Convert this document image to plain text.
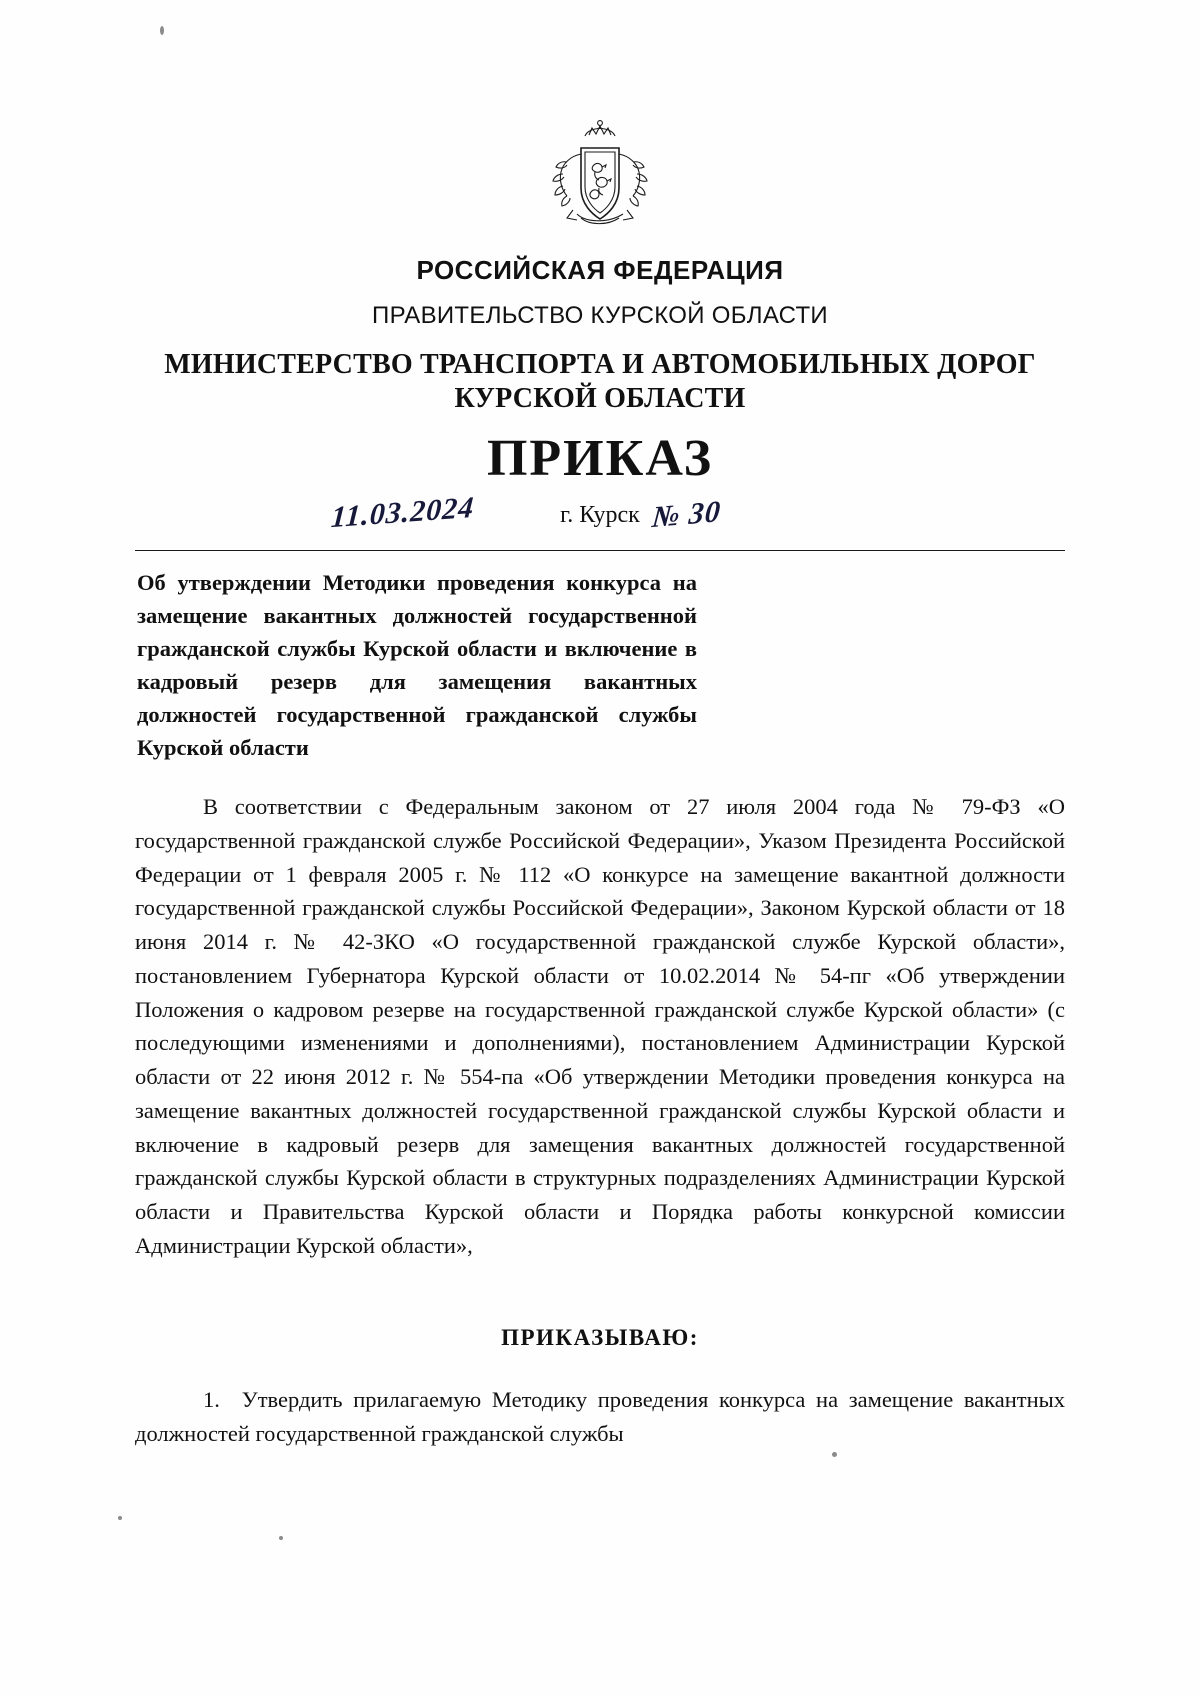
РОССИЙСКАЯ ФЕДЕРАЦИЯ
ПРАВИТЕЛЬСТВО КУРСКОЙ ОБЛАСТИ
МИНИСТЕРСТВО ТРАНСПОРТА И АВТОМОБИЛЬНЫХ ДОРОГ КУРСКОЙ ОБЛАСТИ
ПРИКАЗ
г. Курск
11.03.2024	№ 30
Об утверждении Методики проведения конкурса на замещение вакантных должностей государственной гражданской службы Курской области и включение в кадровый резерв для замещения вакантных должностей государственной гражданской службы Курской области

В соответствии с Федеральным законом от 27 июля 2004 года № 79-ФЗ «О государственной гражданской службе Российской Федерации», Указом Президента Российской Федерации от 1 февраля 2005 г. № 112 «О конкурсе на замещение вакантной должности государственной гражданской службы Российской Федерации», Законом Курской области от 18 июня 2014 г. № 42-ЗКО «О государственной гражданской службе Курской области», постановлением Губернатора Курской области от 10.02.2014 № 54-пг «Об утверждении Положения о кадровом резерве на государственной гражданской службе Курской области» (с последующими изменениями и дополнениями), постановлением Администрации Курской области от 22 июня 2012 г. № 554-па «Об утверждении Методики проведения конкурса на замещение вакантных должностей государственной гражданской службы Курской области и включение в кадровый резерв для замещения вакантных должностей государственной гражданской службы Курской области в структурных подразделениях Администрации Курской области и Правительства Курской области и Порядка работы конкурсной комиссии Администрации Курской области»,

ПРИКАЗЫВАЮ:

1.  Утвердить прилагаемую Методику проведения конкурса на замещение вакантных должностей государственной гражданской службы
